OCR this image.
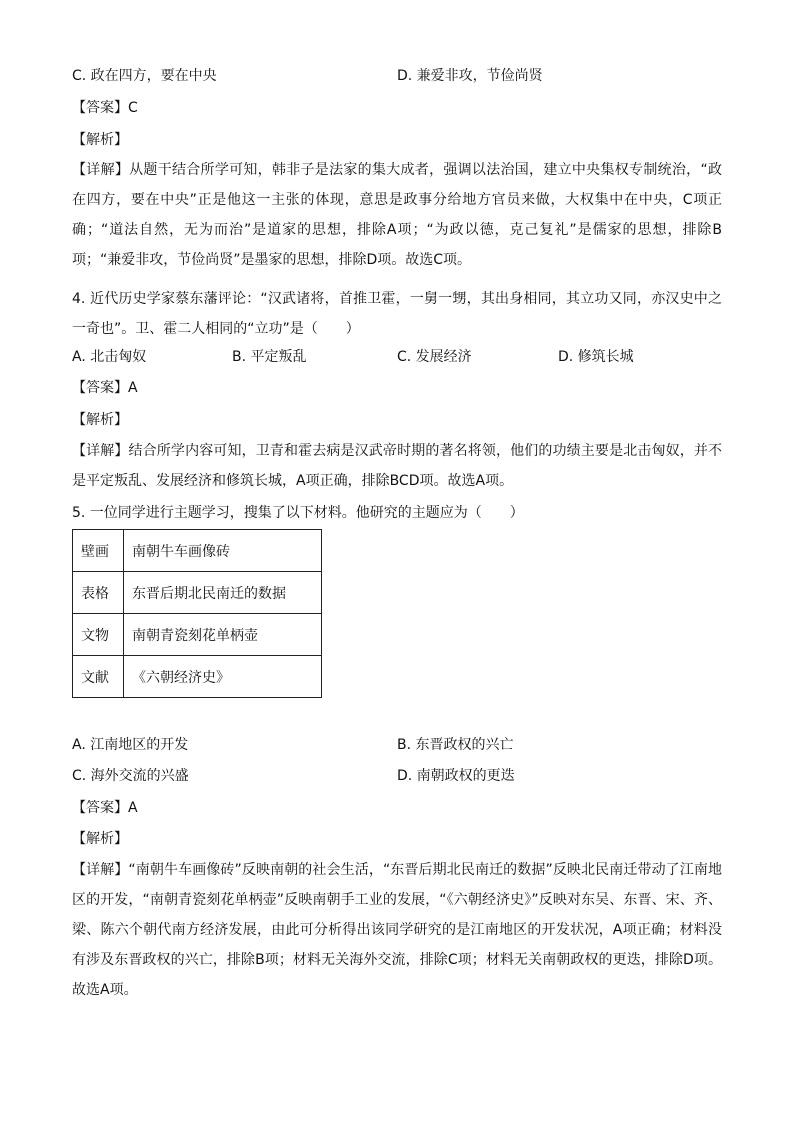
C. 政在四方，要在中央	D. 兼爱非攻，节俭尚贤
【答案】C
【解析】
【详解】从题干结合所学可知，韩非子是法家的集大成者，强调以法治国，建立中央集权专制统治，“政在四方，要在中央”正是他这一主张的体现，意思是政事分给地方官员来做，大权集中在中央，C项正确；“道法自然，无为而治”是道家的思想，排除A项；“为政以德，克己复礼”是儒家的思想，排除B项；“兼爱非攻，节俭尚贤”是墨家的思想，排除D项。故选C项。
4. 近代历史学家蔡东藩评论：“汉武诸将，首推卫霍，一舅一甥，其出身相同，其立功又同，亦汉史中之一奇也”。卫、霍二人相同的“立功”是（　　）
A. 北击匈奴	B. 平定叛乱	C. 发展经济	D. 修筑长城
【答案】A
【解析】
【详解】结合所学内容可知，卫青和霍去病是汉武帝时期的著名将领，他们的功绩主要是北击匈奴，并不是平定叛乱、发展经济和修筑长城，A项正确，排除BCD项。故选A项。
5. 一位同学进行主题学习，搜集了以下材料。他研究的主题应为（　　）
壁画	南朝牛车画像砖
表格	东晋后期北民南迁的数据
文物	南朝青瓷刻花单柄壶
文献	《六朝经济史》
A. 江南地区的开发	B. 东晋政权的兴亡
C. 海外交流的兴盛	D. 南朝政权的更迭
【答案】A
【解析】
【详解】“南朝牛车画像砖”反映南朝的社会生活，“东晋后期北民南迁的数据”反映北民南迁带动了江南地区的开发，“南朝青瓷刻花单柄壶”反映南朝手工业的发展，“《六朝经济史》”反映对东吴、东晋、宋、齐、梁、陈六个朝代南方经济发展，由此可分析得出该同学研究的是江南地区的开发状况，A项正确；材料没有涉及东晋政权的兴亡，排除B项；材料无关海外交流，排除C项；材料无关南朝政权的更迭，排除D项。故选A项。
